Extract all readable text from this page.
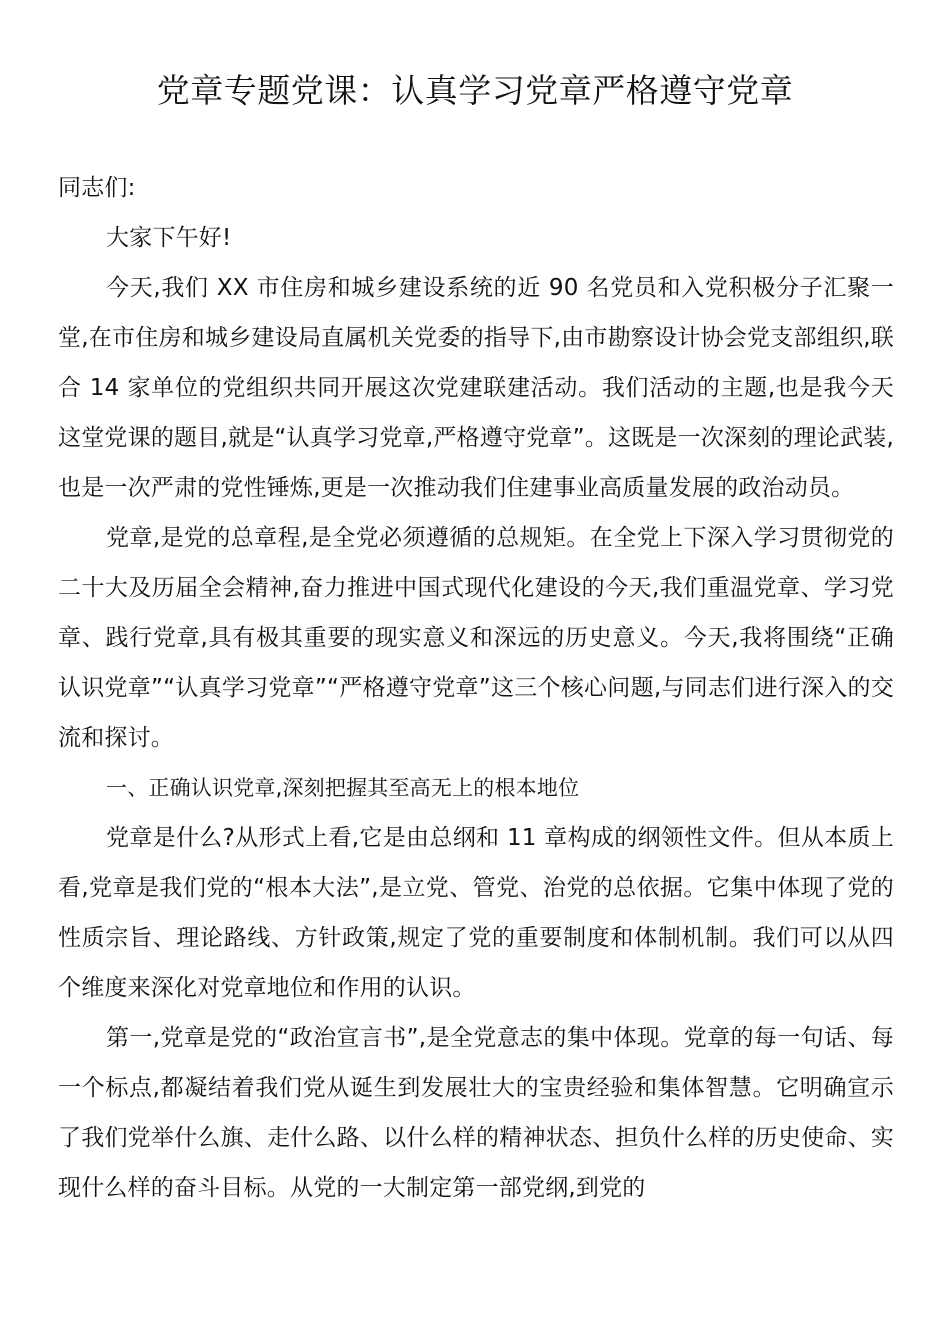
党章专题党课：认真学习党章严格遵守党章

同志们:

大家下午好!

今天,我们 XX 市住房和城乡建设系统的近 90 名党员和入党积极分子汇聚一堂,在市住房和城乡建设局直属机关党委的指导下,由市勘察设计协会党支部组织,联合 14 家单位的党组织共同开展这次党建联建活动。我们活动的主题,也是我今天这堂党课的题目,就是“认真学习党章,严格遵守党章”。这既是一次深刻的理论武装,也是一次严肃的党性锤炼,更是一次推动我们住建事业高质量发展的政治动员。

党章,是党的总章程,是全党必须遵循的总规矩。在全党上下深入学习贯彻党的二十大及历届全会精神,奋力推进中国式现代化建设的今天,我们重温党章、学习党章、践行党章,具有极其重要的现实意义和深远的历史意义。今天,我将围绕“正确认识党章”“认真学习党章”“严格遵守党章”这三个核心问题,与同志们进行深入的交流和探讨。

一、正确认识党章,深刻把握其至高无上的根本地位

党章是什么?从形式上看,它是由总纲和 11 章构成的纲领性文件。但从本质上看,党章是我们党的“根本大法”,是立党、管党、治党的总依据。它集中体现了党的性质宗旨、理论路线、方针政策,规定了党的重要制度和体制机制。我们可以从四个维度来深化对党章地位和作用的认识。

第一,党章是党的“政治宣言书”,是全党意志的集中体现。党章的每一句话、每一个标点,都凝结着我们党从诞生到发展壮大的宝贵经验和集体智慧。它明确宣示了我们党举什么旗、走什么路、以什么样的精神状态、担负什么样的历史使命、实现什么样的奋斗目标。从党的一大制定第一部党纲,到党的
